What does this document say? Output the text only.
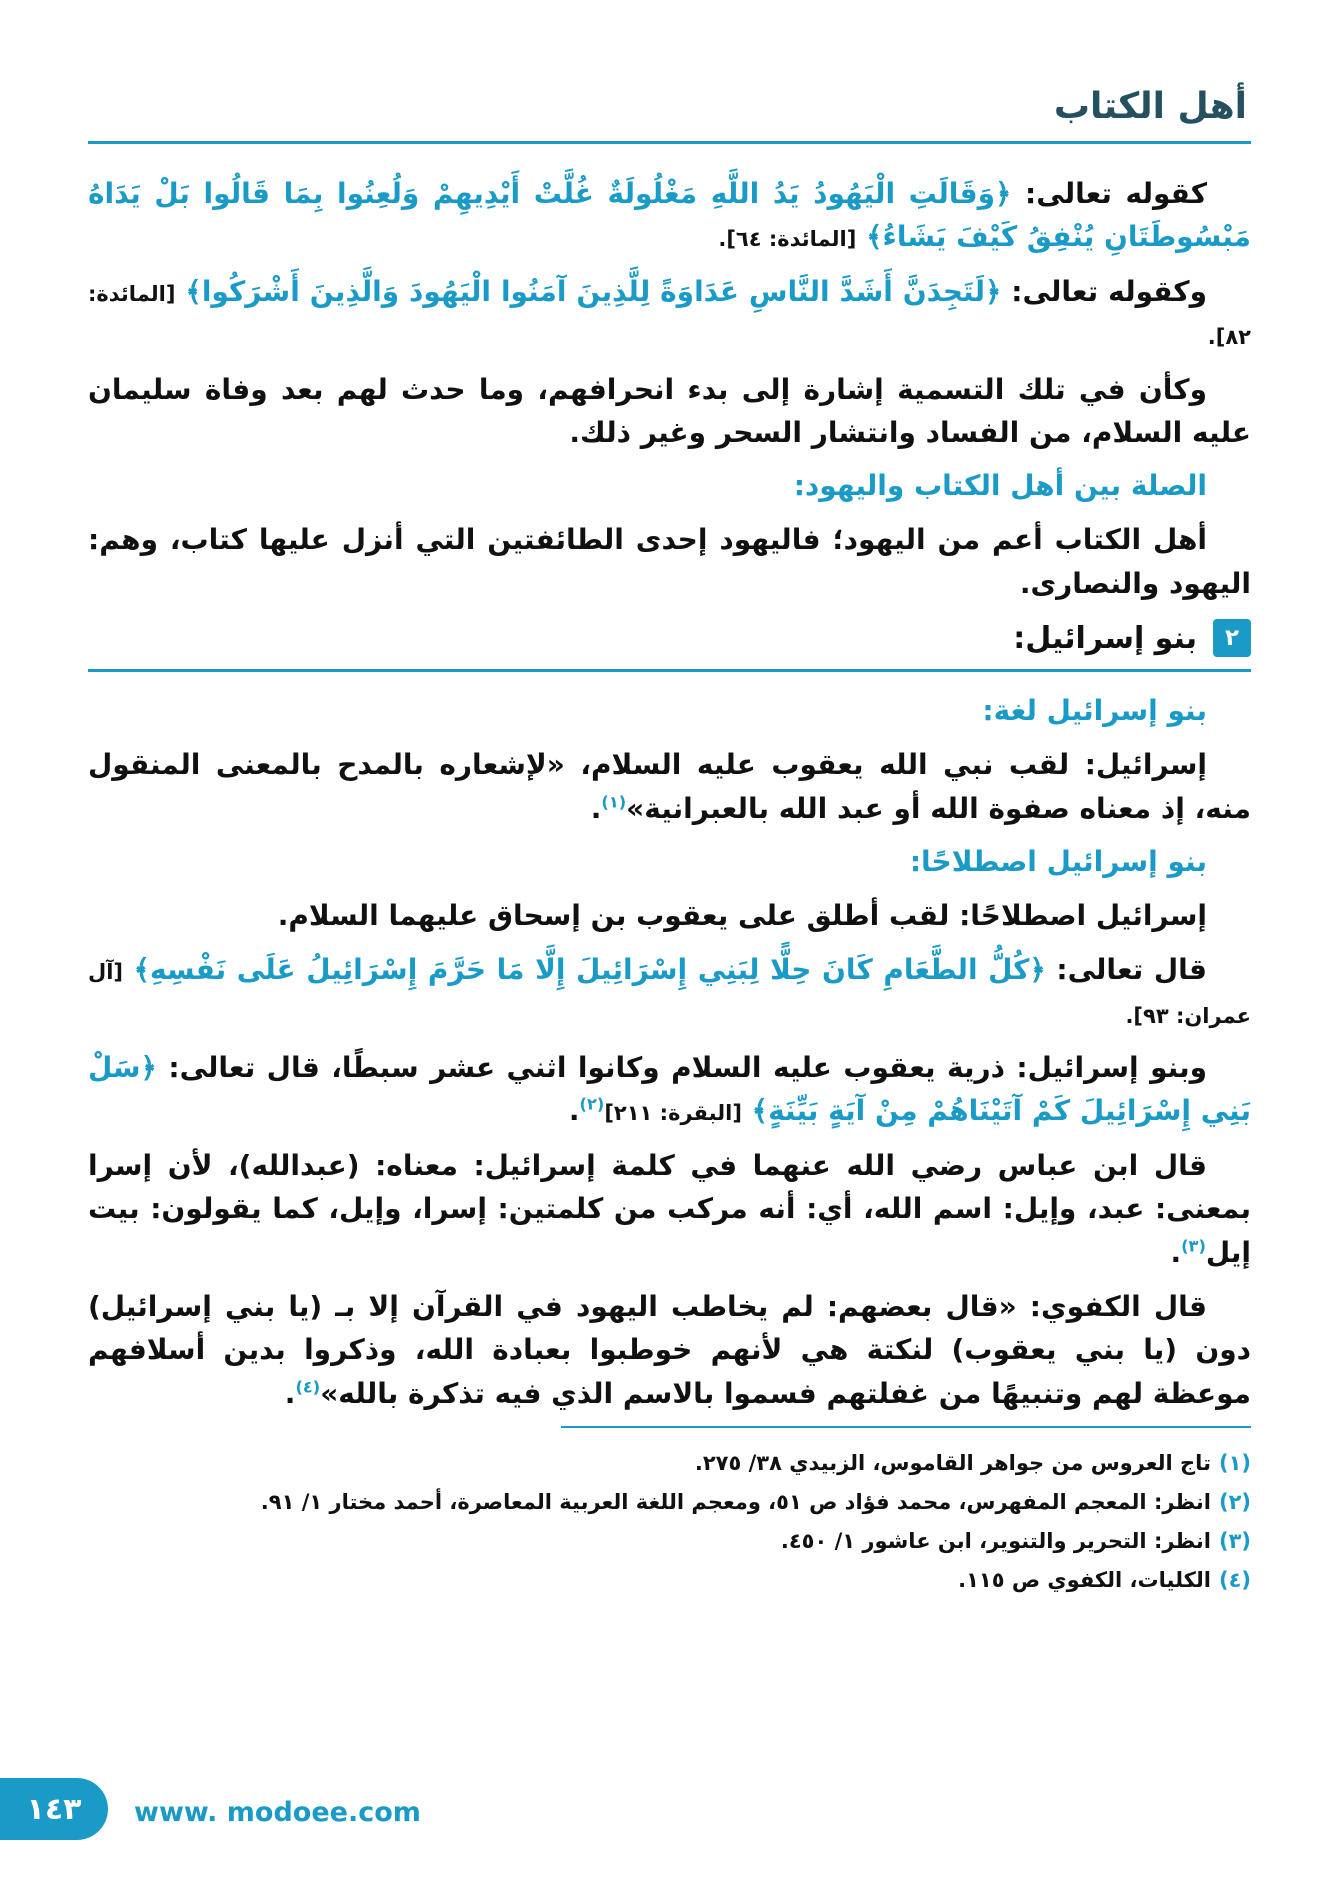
أهل الكتاب

كقوله تعالى: ﴿وَقَالَتِ الْيَهُودُ يَدُ اللَّهِ مَغْلُولَةٌ غُلَّتْ أَيْدِيهِمْ وَلُعِنُوا بِمَا قَالُوا بَلْ يَدَاهُ مَبْسُوطَتَانِ يُنْفِقُ كَيْفَ يَشَاءُ﴾ [المائدة: ٦٤].

وكقوله تعالى: ﴿لَتَجِدَنَّ أَشَدَّ النَّاسِ عَدَاوَةً لِلَّذِينَ آمَنُوا الْيَهُودَ وَالَّذِينَ أَشْرَكُوا﴾ [المائدة: ٨٢].

وكأن في تلك التسمية إشارة إلى بدء انحرافهم، وما حدث لهم بعد وفاة سليمان عليه السلام، من الفساد وانتشار السحر وغير ذلك.

الصلة بين أهل الكتاب واليهود:

أهل الكتاب أعم من اليهود؛ فاليهود إحدى الطائفتين التي أنزل عليها كتاب، وهم: اليهود والنصارى.

٢
بنو إسرائيل:
بنو إسرائيل لغة:

إسرائيل: لقب نبي الله يعقوب عليه السلام، «لإشعاره بالمدح بالمعنى المنقول منه، إذ معناه صفوة الله أو عبد الله بالعبرانية»$^{(١)}$.

بنو إسرائيل اصطلاحًا:

إسرائيل اصطلاحًا: لقب أطلق على يعقوب بن إسحاق عليهما السلام.

قال تعالى: ﴿كُلُّ الطَّعَامِ كَانَ حِلًّا لِبَنِي إِسْرَائِيلَ إِلَّا مَا حَرَّمَ إِسْرَائِيلُ عَلَى نَفْسِهِ﴾ [آل عمران: ٩٣].

وبنو إسرائيل: ذرية يعقوب عليه السلام وكانوا اثني عشر سبطًا، قال تعالى: ﴿سَلْ بَنِي إِسْرَائِيلَ كَمْ آتَيْنَاهُمْ مِنْ آيَةٍ بَيِّنَةٍ﴾ [البقرة: ٢١١]$^{(٢)}$.

قال ابن عباس رضي الله عنهما في كلمة إسرائيل: معناه: (عبدالله)، لأن إسرا بمعنى: عبد، وإيل: اسم الله، أي: أنه مركب من كلمتين: إسرا، وإيل، كما يقولون: بيت إيل$^{(٣)}$.

قال الكفوي: «قال بعضهم: لم يخاطب اليهود في القرآن إلا بـ (يا بني إسرائيل) دون (يا بني يعقوب) لنكتة هي لأنهم خوطبوا بعبادة الله، وذكروا بدين أسلافهم موعظة لهم وتنبيهًا من غفلتهم فسموا بالاسم الذي فيه تذكرة بالله»$^{(٤)}$.

(١)تاج العروس من جواهر القاموس، الزبيدي ٣٨/ ٢٧٥.

(٢)انظر: المعجم المفهرس، محمد فؤاد ص ٥١، ومعجم اللغة العربية المعاصرة، أحمد مختار ١/ ٩١.

(٣)انظر: التحرير والتنوير، ابن عاشور ١/ ٤٥٠.

(٤)الكليات، الكفوي ص ١١٥.

١٤٣ www. modoee.com
